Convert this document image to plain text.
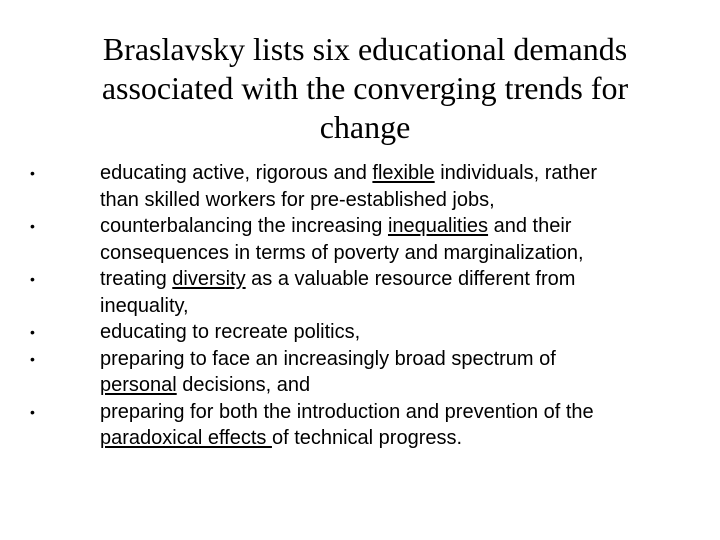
Braslavsky lists six educational demands
associated with the converging trends for
change
•	educating active, rigorous and flexible individuals, rather
than skilled workers for pre-established jobs,
•	counterbalancing the increasing inequalities and their
consequences in terms of poverty and marginalization,
•	treating diversity as a valuable resource different from
inequality,
•	educating to recreate politics,
•	preparing to face an increasingly broad spectrum of
personal decisions, and
•	preparing for both the introduction and prevention of the
paradoxical effects of technical progress.
